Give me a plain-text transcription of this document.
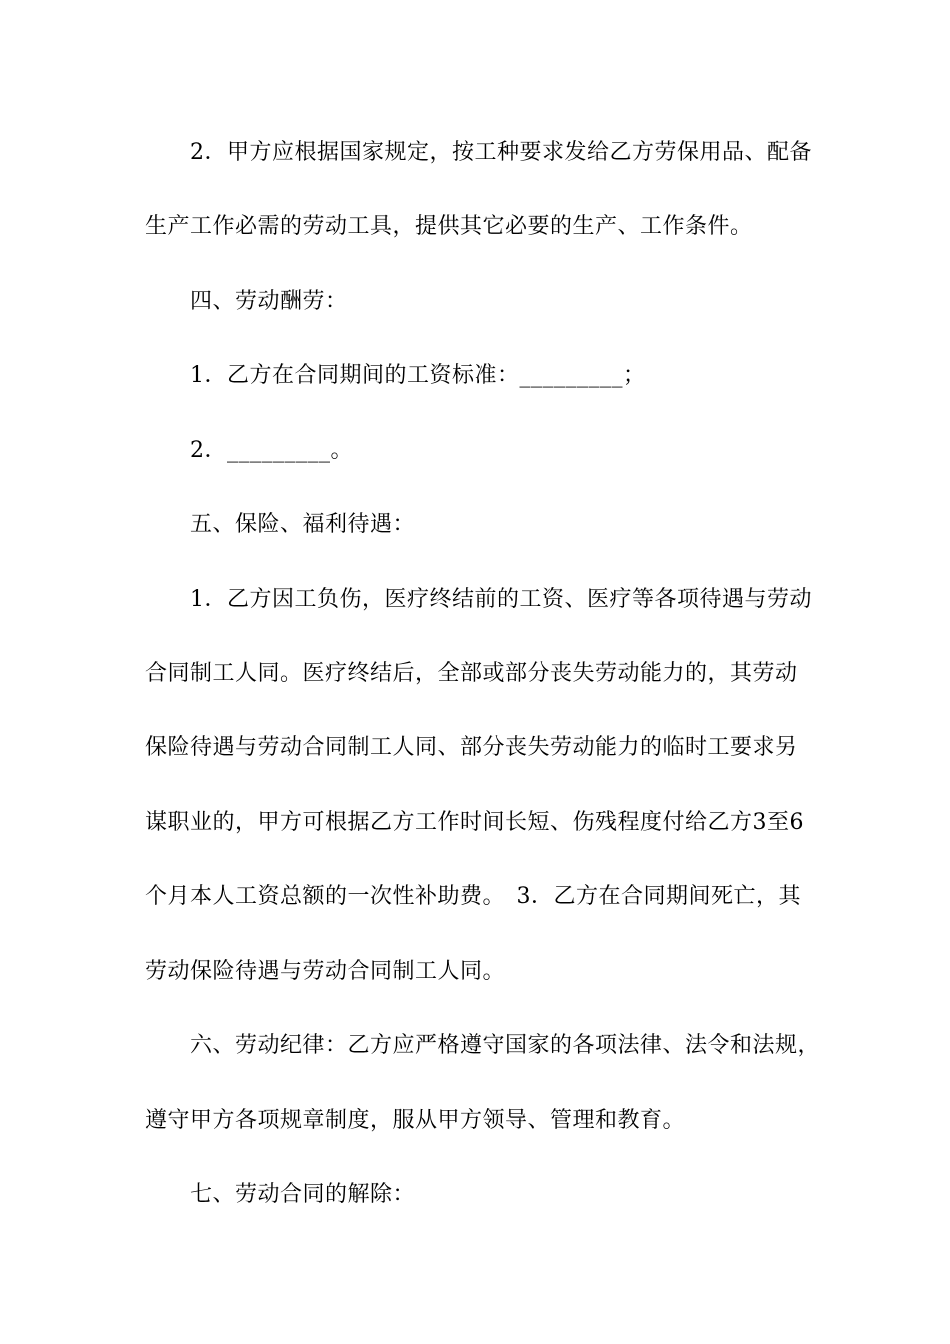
2．甲方应根据国家规定，按工种要求发给乙方劳保用品、配备
生产工作必需的劳动工具，提供其它必要的生产、工作条件。
四、劳动酬劳：
1．乙方在合同期间的工资标准：_________；
2．_________。
五、保险、福利待遇：
1．乙方因工负伤，医疗终结前的工资、医疗等各项待遇与劳动
合同制工人同。医疗终结后，全部或部分丧失劳动能力的，其劳动
保险待遇与劳动合同制工人同、部分丧失劳动能力的临时工要求另
谋职业的，甲方可根据乙方工作时间长短、伤残程度付给乙方3至6
个月本人工资总额的一次性补助费。　3．乙方在合同期间死亡，其
劳动保险待遇与劳动合同制工人同。
六、劳动纪律：乙方应严格遵守国家的各项法律、法令和法规，
遵守甲方各项规章制度，服从甲方领导、管理和教育。
七、劳动合同的解除：
